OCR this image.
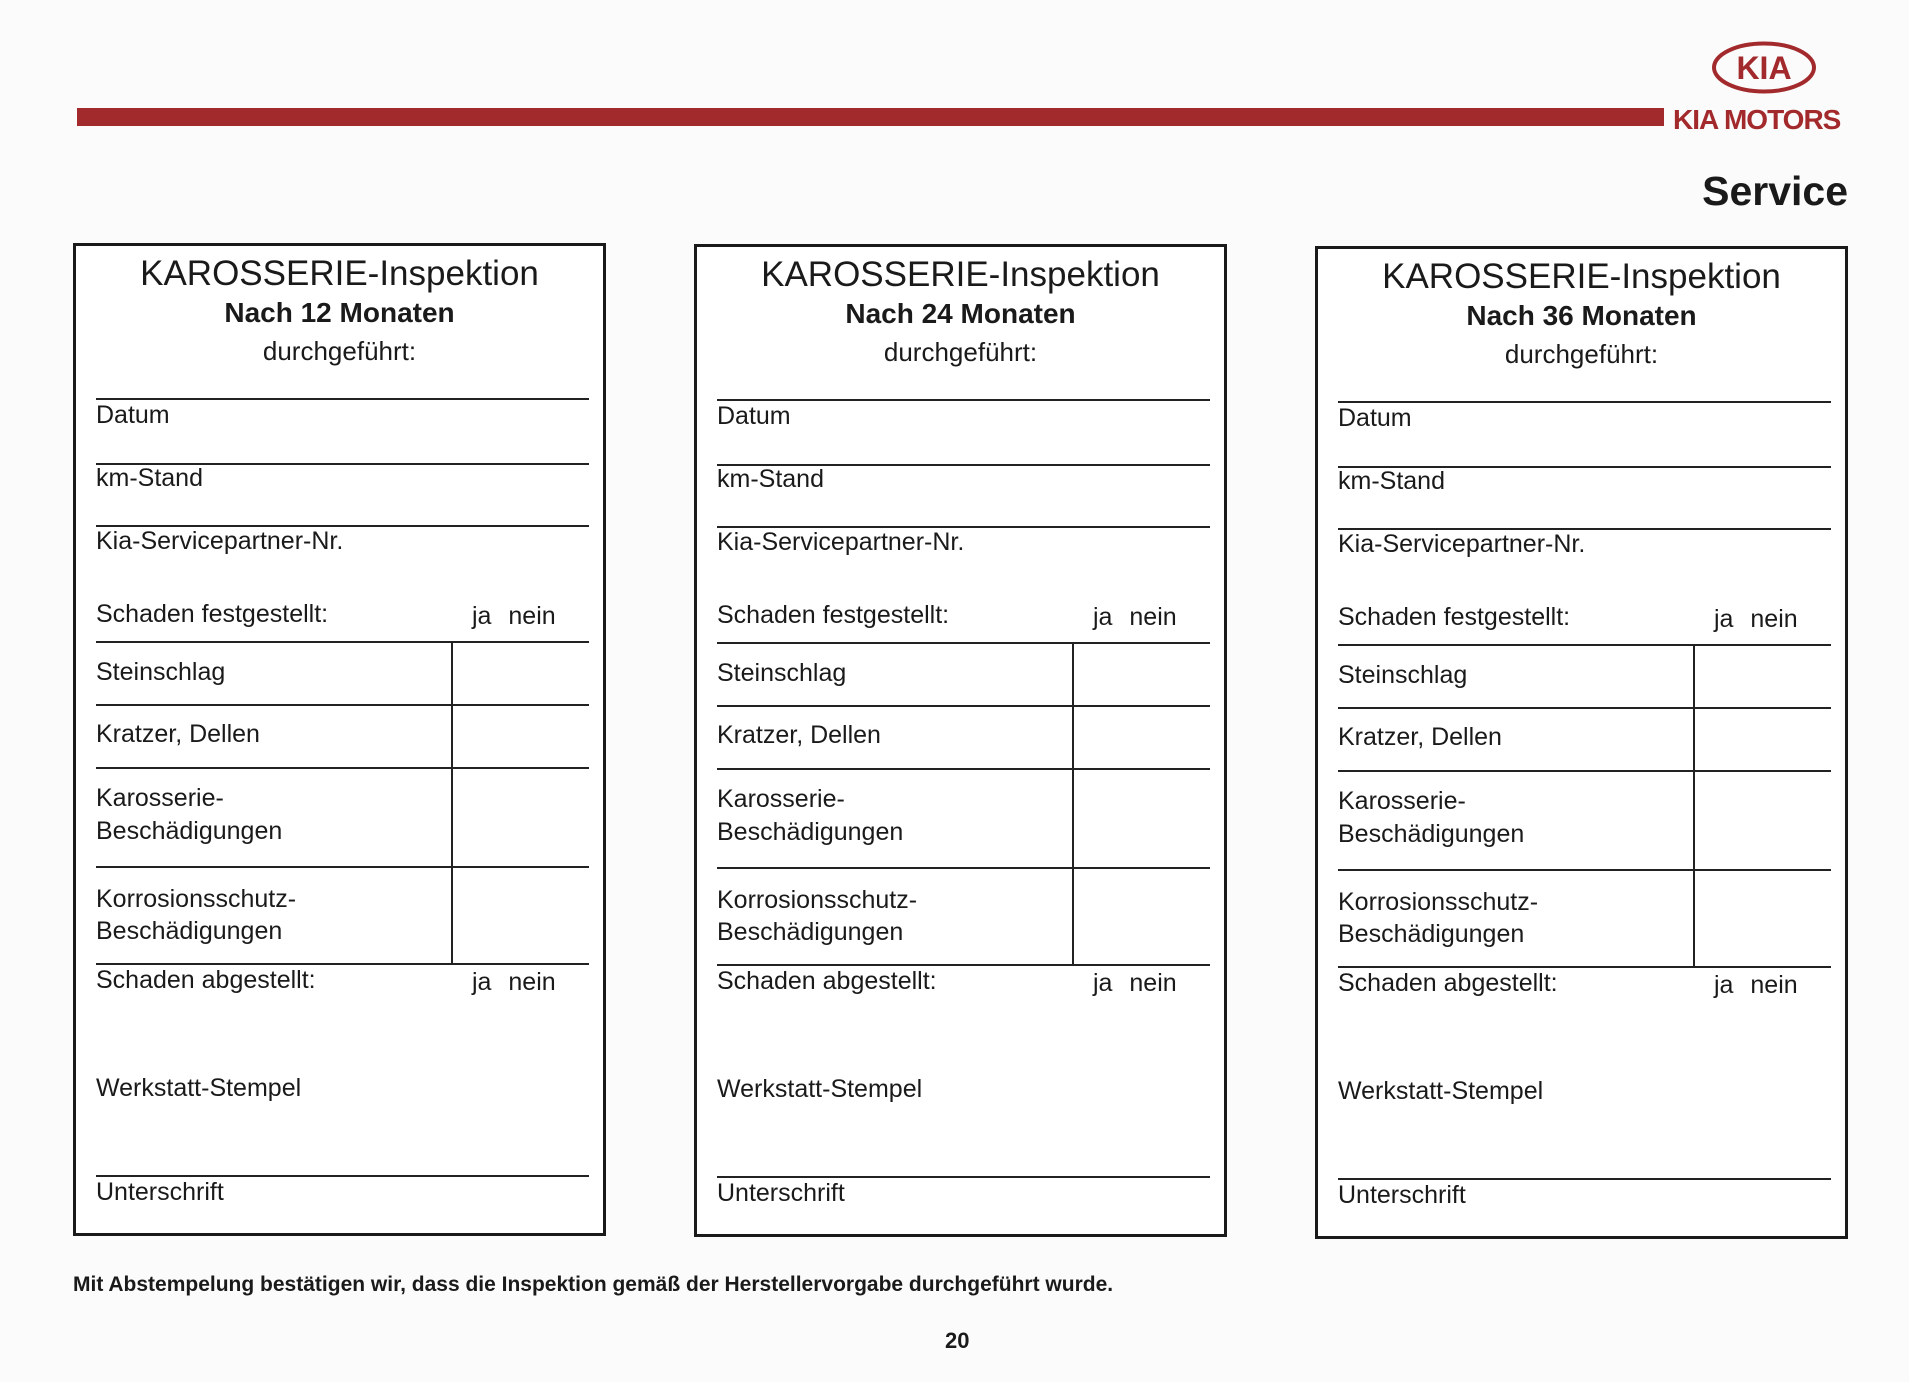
KIA
KIA MOTORS
Service
KAROSSERIE-Inspektion
Nach 12 Monaten
durchgeführt:
Datum
km-Stand
Kia-Servicepartner-Nr.
Schaden festgestellt:
Steinschlag
Kratzer, Dellen
Karosserie-
Beschädigungen
Korrosionsschutz-
Beschädigungen
Schaden abgestellt:
Werkstatt-Stempel
Unterschrift
ja nein
ja nein
KAROSSERIE-Inspektion
Nach 24 Monaten
durchgeführt:
Datum
km-Stand
Kia-Servicepartner-Nr.
Schaden festgestellt:
Steinschlag
Kratzer, Dellen
Karosserie-
Beschädigungen
Korrosionsschutz-
Beschädigungen
Schaden abgestellt:
Werkstatt-Stempel
Unterschrift
ja nein
ja nein
KAROSSERIE-Inspektion
Nach 36 Monaten
durchgeführt:
Datum
km-Stand
Kia-Servicepartner-Nr.
Schaden festgestellt:
Steinschlag
Kratzer, Dellen
Karosserie-
Beschädigungen
Korrosionsschutz-
Beschädigungen
Schaden abgestellt:
Werkstatt-Stempel
Unterschrift
ja nein
ja nein
Mit Abstempelung bestätigen wir, dass die Inspektion gemäß der Herstellervorgabe durchgeführt wurde.
20
